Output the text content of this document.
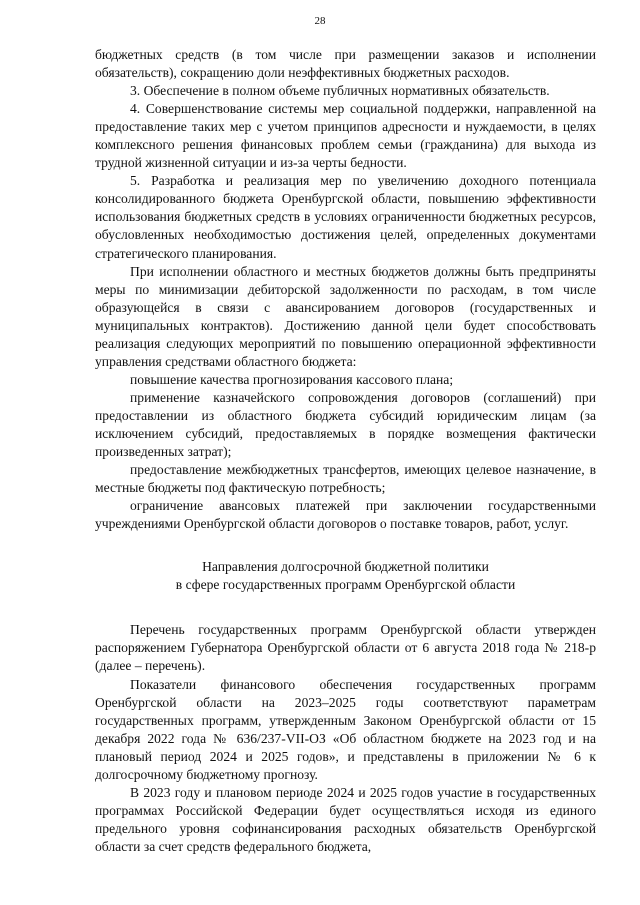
28

бюджетных средств (в том числе при размещении заказов и исполнении обязательств), сокращению доли неэффективных бюджетных расходов.

3. Обеспечение в полном объеме публичных нормативных обязательств.

4. Совершенствование системы мер социальной поддержки, направленной на предоставление таких мер с учетом принципов адресности и нуждаемости, в целях комплексного решения финансовых проблем семьи (гражданина) для выхода из трудной жизненной ситуации и из-за черты бедности.

5. Разработка и реализация мер по увеличению доходного потенциала консолидированного бюджета Оренбургской области, повышению эффективности использования бюджетных средств в условиях ограниченности бюджетных ресурсов, обусловленных необходимостью достижения целей, определенных документами стратегического планирования.

При исполнении областного и местных бюджетов должны быть предприняты меры по минимизации дебиторской задолженности по расходам, в том числе образующейся в связи с авансированием договоров (государственных и муниципальных контрактов). Достижению данной цели будет способствовать реализация следующих мероприятий по повышению операционной эффективности управления средствами областного бюджета:

повышение качества прогнозирования кассового плана;

применение казначейского сопровождения договоров (соглашений) при предоставлении из областного бюджета субсидий юридическим лицам (за исключением субсидий, предоставляемых в порядке возмещения фактически произведенных затрат);

предоставление межбюджетных трансфертов, имеющих целевое назначение, в местные бюджеты под фактическую потребность;

ограничение авансовых платежей при заключении государственными учреждениями Оренбургской области договоров о поставке товаров, работ, услуг.

Направления долгосрочной бюджетной политики

в сфере государственных программ Оренбургской области

Перечень государственных программ Оренбургской области утвержден распоряжением Губернатора Оренбургской области от 6 августа 2018 года № 218-р (далее – перечень).

Показатели финансового обеспечения государственных программ Оренбургской области на 2023–2025 годы соответствуют параметрам государственных программ, утвержденным Законом Оренбургской области от 15 декабря 2022 года № 636/237-VII-ОЗ «Об областном бюджете на 2023 год и на плановый период 2024 и 2025 годов», и представлены в приложении № 6 к долгосрочному бюджетному прогнозу.

В 2023 году и плановом периоде 2024 и 2025 годов участие в государственных программах Российской Федерации будет осуществляться исходя из единого предельного уровня софинансирования расходных обязательств Оренбургской области за счет средств федерального бюджета,
